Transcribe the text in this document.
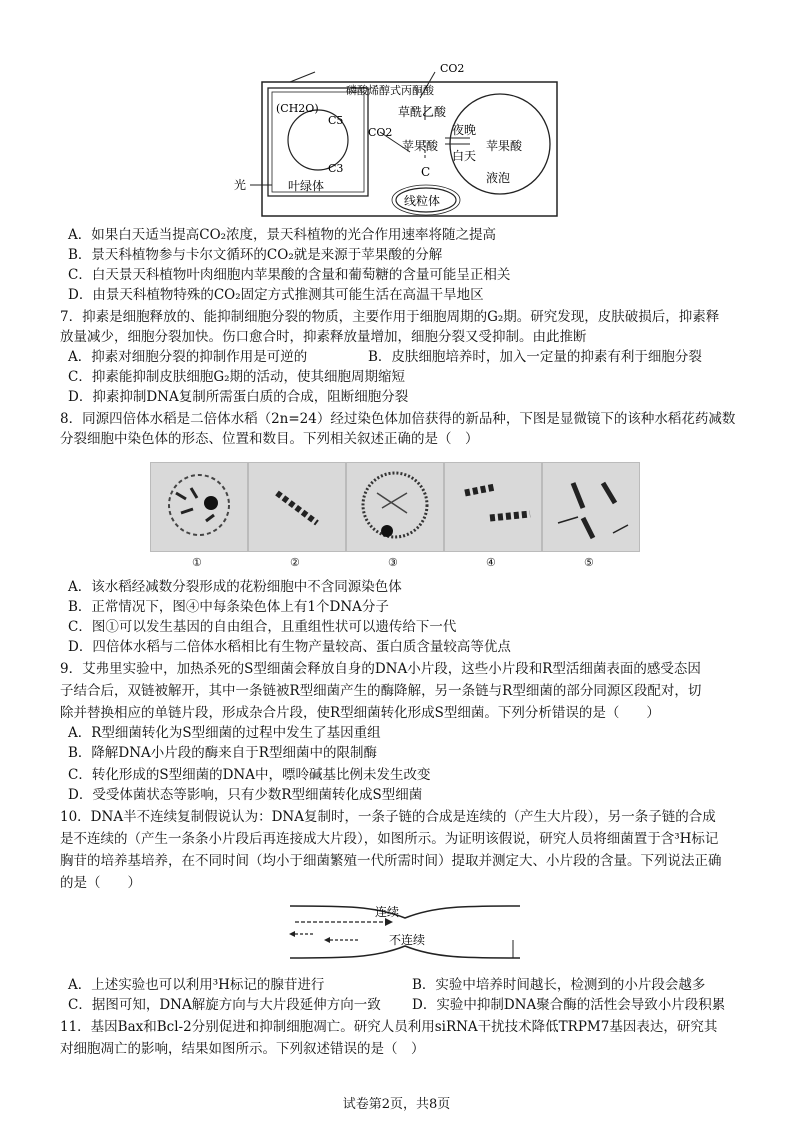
磷酸烯醇式丙酮酸
CO2
草酰乙酸
(CH2O)
C5
C3
CO2
苹果酸
夜晚
白天
苹果酸
C
光	叶绿体
液泡
线粒体
A．如果白天适当提高CO₂浓度，景天科植物的光合作用速率将随之提高
B．景天科植物参与卡尔文循环的CO₂就是来源于苹果酸的分解
C．白天景天科植物叶肉细胞内苹果酸的含量和葡萄糖的含量可能呈正相关
D．由景天科植物特殊的CO₂固定方式推测其可能生活在高温干旱地区
7．抑素是细胞释放的、能抑制细胞分裂的物质，主要作用于细胞周期的G₂期。研究发现，皮肤破损后，抑素释
放量减少，细胞分裂加快。伤口愈合时，抑素释放量增加，细胞分裂又受抑制。由此推断
A．抑素对细胞分裂的抑制作用是可逆的	B．皮肤细胞培养时，加入一定量的抑素有利于细胞分裂
C．抑素能抑制皮肤细胞G₂期的活动，使其细胞周期缩短
D．抑素抑制DNA复制所需蛋白质的合成，阻断细胞分裂
8．同源四倍体水稻是二倍体水稻（2n=24）经过染色体加倍获得的新品种，下图是显微镜下的该种水稻花药减数
分裂细胞中染色体的形态、位置和数目。下列相关叙述正确的是（　）
①	②	③	④	⑤
A．该水稻经减数分裂形成的花粉细胞中不含同源染色体
B．正常情况下，图④中每条染色体上有1个DNA分子
C．图①可以发生基因的自由组合，且重组性状可以遗传给下一代
D．四倍体水稻与二倍体水稻相比有生物产量较高、蛋白质含量较高等优点
9．艾弗里实验中，加热杀死的S型细菌会释放自身的DNA小片段，这些小片段和R型活细菌表面的感受态因
子结合后，双链被解开，其中一条链被R型细菌产生的酶降解，另一条链与R型细菌的部分同源区段配对，切
除并替换相应的单链片段，形成杂合片段，使R型细菌转化形成S型细菌。下列分析错误的是（　　）
A．R型细菌转化为S型细菌的过程中发生了基因重组
B．降解DNA小片段的酶来自于R型细菌中的限制酶
C．转化形成的S型细菌的DNA中，嘌呤碱基比例未发生改变
D．受受体菌状态等影响，只有少数R型细菌转化成S型细菌
10．DNA半不连续复制假说认为：DNA复制时，一条子链的合成是连续的（产生大片段），另一条子链的合成
是不连续的（产生一条条小片段后再连接成大片段），如图所示。为证明该假说，研究人员将细菌置于含³H标记
胸苷的培养基培养，在不同时间（均小于细菌繁殖一代所需时间）提取并测定大、小片段的含量。下列说法正确
的是（　　）
连续
不连续
A．上述实验也可以利用³H标记的腺苷进行	B．实验中培养时间越长，检测到的小片段会越多
C．据图可知，DNA解旋方向与大片段延伸方向一致 D．实验中抑制DNA聚合酶的活性会导致小片段积累
11．基因Bax和Bcl-2分别促进和抑制细胞凋亡。研究人员利用siRNA干扰技术降低TRPM7基因表达，研究其
对细胞凋亡的影响，结果如图所示。下列叙述错误的是（　）
试卷第2页，共8页
